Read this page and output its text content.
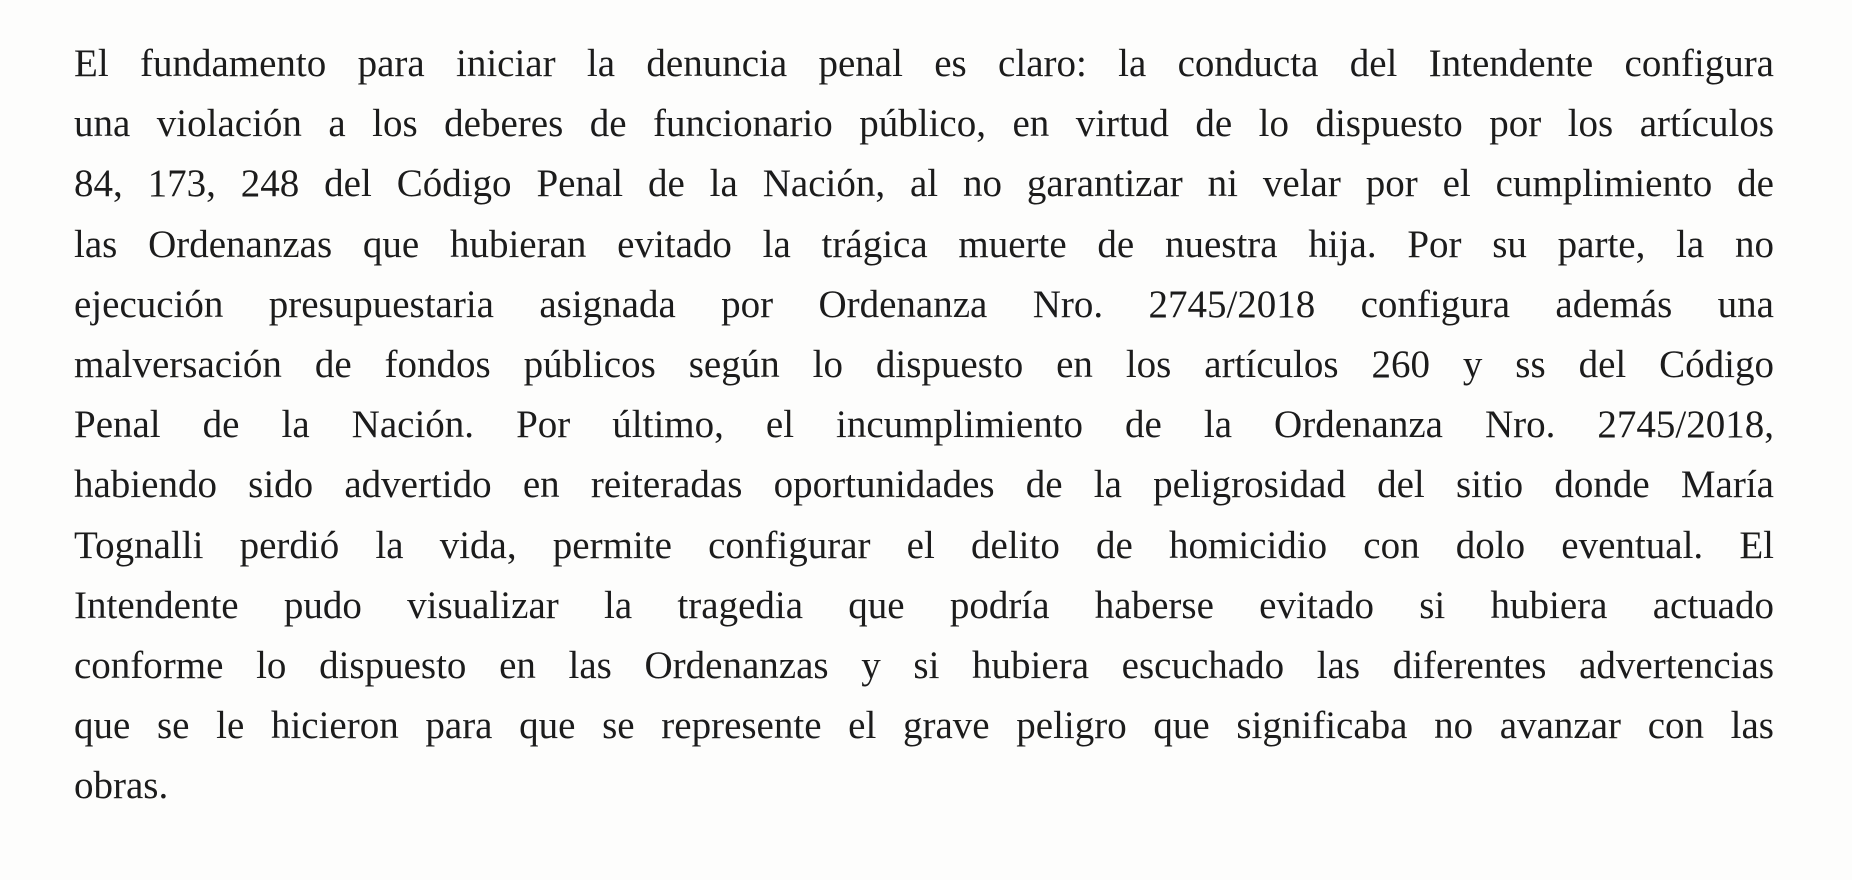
El fundamento para iniciar la denuncia penal es claro: la conducta del Intendente configura
una violación a los deberes de funcionario público, en virtud de lo dispuesto por los artículos
84, 173, 248 del Código Penal de la Nación, al no garantizar ni velar por el cumplimiento de
las Ordenanzas que hubieran evitado la trágica muerte de nuestra hija. Por su parte, la no
ejecución presupuestaria asignada por Ordenanza Nro. 2745/2018 configura además una
malversación de fondos públicos según lo dispuesto en los artículos 260 y ss del Código
Penal de la Nación. Por último, el incumplimiento de la Ordenanza Nro. 2745/2018,
habiendo sido advertido en reiteradas oportunidades de la peligrosidad del sitio donde María
Tognalli perdió la vida, permite configurar el delito de homicidio con dolo eventual. El
Intendente pudo visualizar la tragedia que podría haberse evitado si hubiera actuado
conforme lo dispuesto en las Ordenanzas y si hubiera escuchado las diferentes advertencias
que se le hicieron para que se represente el grave peligro que significaba no avanzar con las
obras.
